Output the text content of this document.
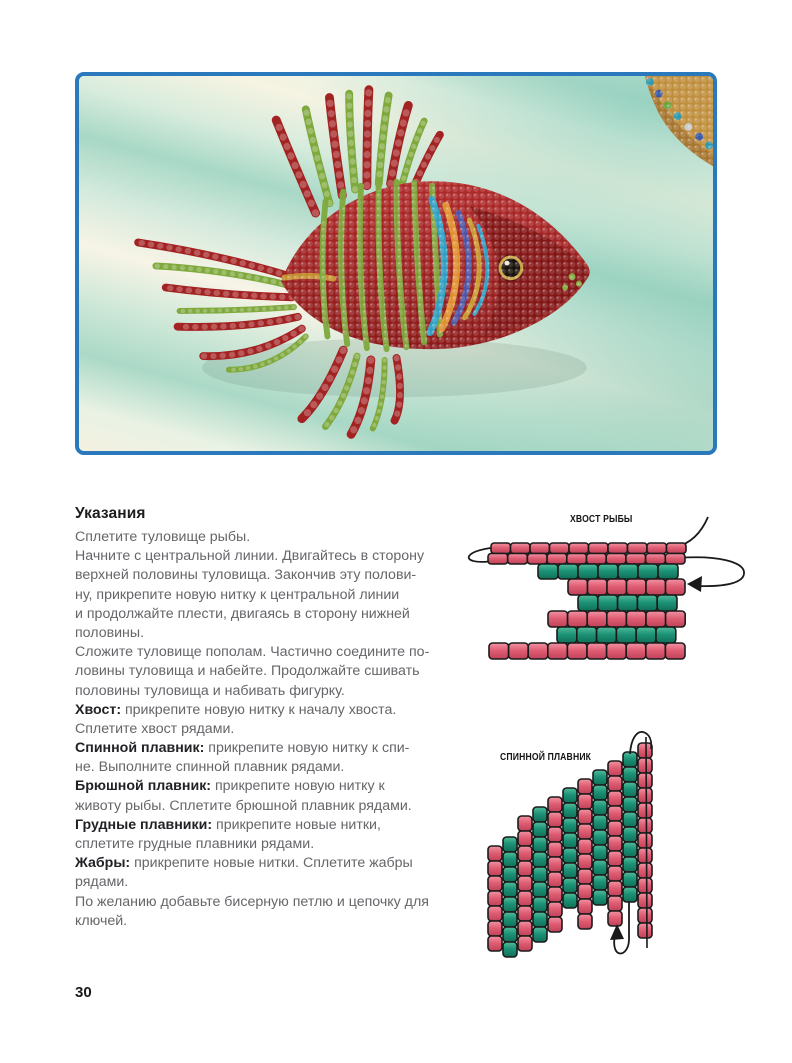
Указания
Сплетите туловище рыбы.
Начните с центральной линии. Двигайтесь в сторону
верхней половины туловища. Закончив эту полови-
ну, прикрепите новую нитку к центральной линии
и продолжайте плести, двигаясь в сторону нижней
половины.
Сложите туловище пополам. Частично соедините по-
ловины туловища и набейте. Продолжайте сшивать
половины туловища и набивать фигурку.
Хвост: прикрепите новую нитку к началу хвоста.
Сплетите хвост рядами.
Спинной плавник: прикрепите новую нитку к спи-
не. Выполните спинной плавник рядами.
Брюшной плавник: прикрепите новую нитку к
животу рыбы. Сплетите брюшной плавник рядами.
Грудные плавники: прикрепите новые нитки,
сплетите грудные плавники рядами.
Жабры: прикрепите новые нитки. Сплетите жабры
рядами.
По желанию добавьте бисерную петлю и цепочку для
ключей.
ХВОСТ РЫБЫ
СПИННОЙ ПЛАВНИК
30
